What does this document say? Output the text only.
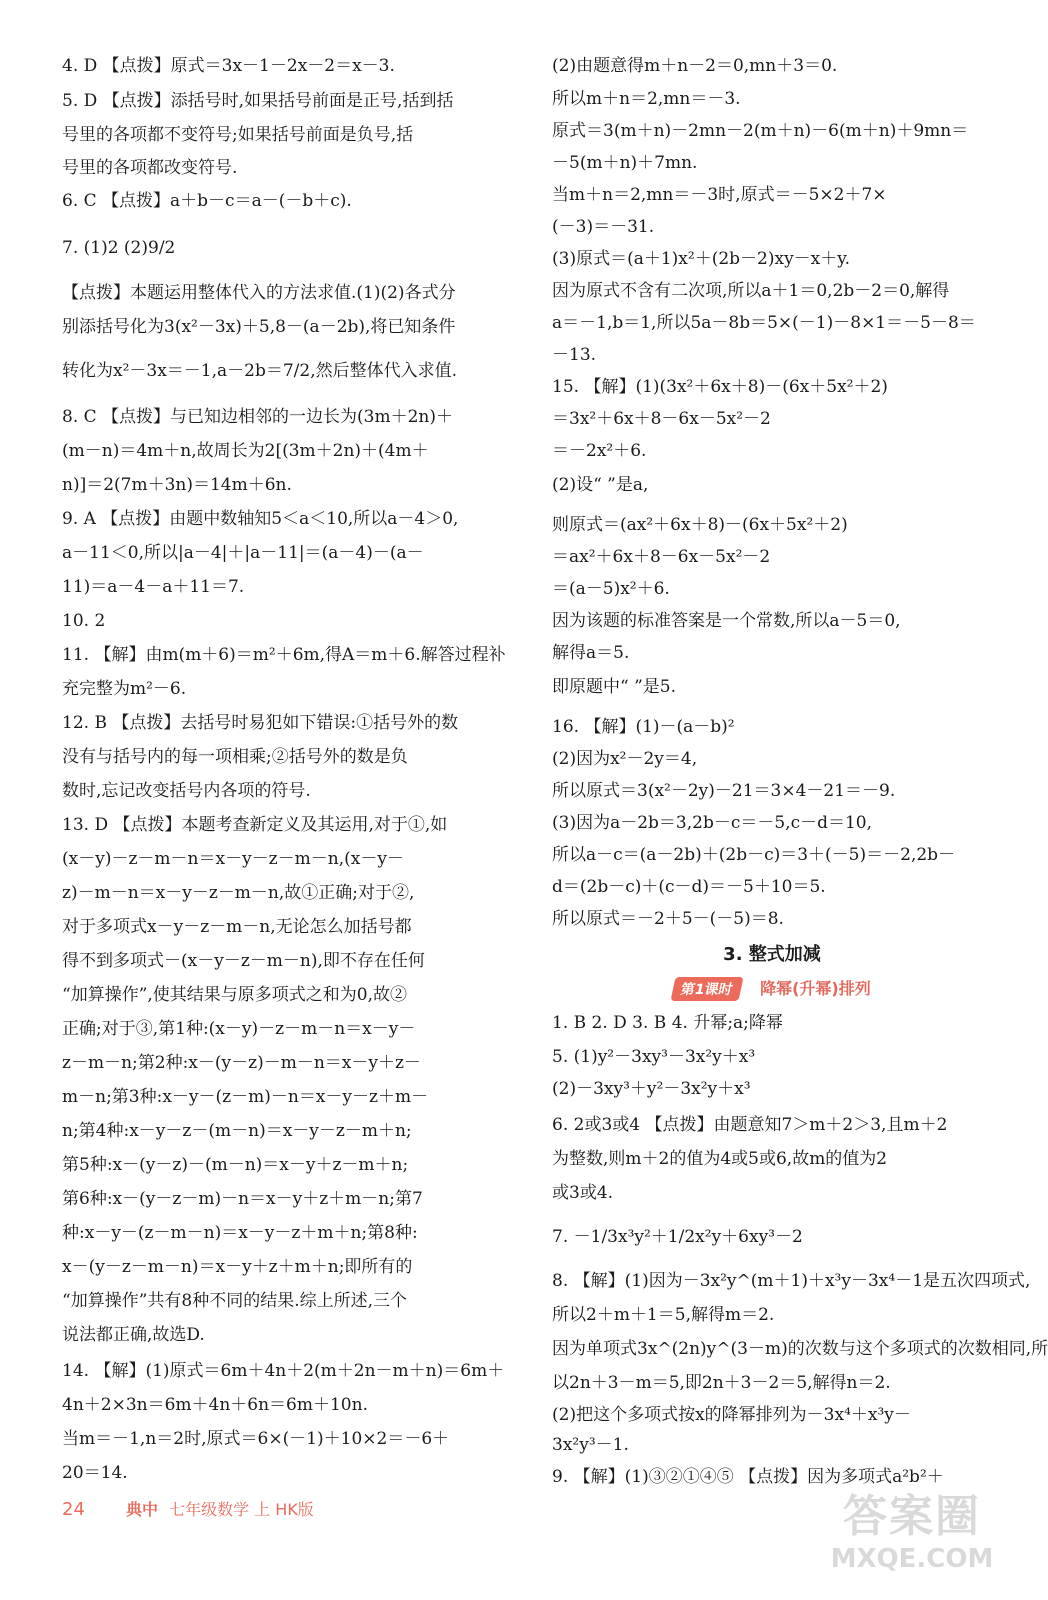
4. D 【点拨】原式＝3x－1－2x－2＝x－3.
5. D 【点拨】添括号时,如果括号前面是正号,括到括
号里的各项都不变符号;如果括号前面是负号,括
号里的各项都改变符号.
6. C 【点拨】a＋b－c＝a－(－b＋c).
7. (1)2 (2)9/2
【点拨】本题运用整体代入的方法求值.(1)(2)各式分
别添括号化为3(x²－3x)＋5,8－(a－2b),将已知条件
转化为x²－3x＝－1,a－2b＝7/2,然后整体代入求值.
8. C 【点拨】与已知边相邻的一边长为(3m＋2n)＋
(m－n)＝4m＋n,故周长为2[(3m＋2n)＋(4m＋
n)]＝2(7m＋3n)＝14m＋6n.
9. A 【点拨】由题中数轴知5＜a＜10,所以a－4＞0,
a－11＜0,所以|a－4|＋|a－11|＝(a－4)－(a－
11)＝a－4－a＋11＝7.
10. 2
11. 【解】由m(m＋6)＝m²＋6m,得A＝m＋6.解答过程补
充完整为m²－6.
12. B 【点拨】去括号时易犯如下错误:①括号外的数
没有与括号内的每一项相乘;②括号外的数是负
数时,忘记改变括号内各项的符号.
13. D 【点拨】本题考查新定义及其运用,对于①,如
(x－y)－z－m－n＝x－y－z－m－n,(x－y－
z)－m－n＝x－y－z－m－n,故①正确;对于②,
对于多项式x－y－z－m－n,无论怎么加括号都
得不到多项式－(x－y－z－m－n),即不存在任何
“加算操作”,使其结果与原多项式之和为0,故②
正确;对于③,第1种:(x－y)－z－m－n＝x－y－
z－m－n;第2种:x－(y－z)－m－n＝x－y＋z－
m－n;第3种:x－y－(z－m)－n＝x－y－z＋m－
n;第4种:x－y－z－(m－n)＝x－y－z－m＋n;
第5种:x－(y－z)－(m－n)＝x－y＋z－m＋n;
第6种:x－(y－z－m)－n＝x－y＋z＋m－n;第7
种:x－y－(z－m－n)＝x－y－z＋m＋n;第8种:
x－(y－z－m－n)＝x－y＋z＋m＋n;即所有的
“加算操作”共有8种不同的结果.综上所述,三个
说法都正确,故选D.
14. 【解】(1)原式＝6m＋4n＋2(m＋2n－m＋n)＝6m＋
4n＋2×3n＝6m＋4n＋6n＝6m＋10n.
当m＝－1,n＝2时,原式＝6×(－1)＋10×2＝－6＋
20＝14.
(2)由题意得m＋n－2＝0,mn＋3＝0.
所以m＋n＝2,mn＝－3.
原式＝3(m＋n)－2mn－2(m＋n)－6(m＋n)＋9mn＝
－5(m＋n)＋7mn.
当m＋n＝2,mn＝－3时,原式＝－5×2＋7×
(－3)＝－31.
(3)原式＝(a＋1)x²＋(2b－2)xy－x＋y.
因为原式不含有二次项,所以a＋1＝0,2b－2＝0,解得
a＝－1,b＝1,所以5a－8b＝5×(－1)－8×1＝－5－8＝
－13.
15. 【解】(1)(3x²＋6x＋8)－(6x＋5x²＋2)
＝3x²＋6x＋8－6x－5x²－2
＝－2x²＋6.
(2)设“ ”是a,
则原式＝(ax²＋6x＋8)－(6x＋5x²＋2)
＝ax²＋6x＋8－6x－5x²－2
＝(a－5)x²＋6.
因为该题的标准答案是一个常数,所以a－5＝0,
解得a＝5.
即原题中“ ”是5.
16. 【解】(1)－(a－b)²
(2)因为x²－2y＝4,
所以原式＝3(x²－2y)－21＝3×4－21＝－9.
(3)因为a－2b＝3,2b－c＝－5,c－d＝10,
所以a－c＝(a－2b)＋(2b－c)＝3＋(－5)＝－2,2b－
d＝(2b－c)＋(c－d)＝－5＋10＝5.
所以原式＝－2＋5－(－5)＝8.
3. 整式加减
第1课时 降幂(升幂)排列
1. B 2. D 3. B 4. 升幂;a;降幂
5. (1)y²－3xy³－3x²y＋x³
(2)－3xy³＋y²－3x²y＋x³
6. 2或3或4 【点拨】由题意知7＞m＋2＞3,且m＋2
为整数,则m＋2的值为4或5或6,故m的值为2
或3或4.
7. －1/3x³y²＋1/2x²y＋6xy³－2
8. 【解】(1)因为－3x²y^(m＋1)＋x³y－3x⁴－1是五次四项式,
所以2＋m＋1＝5,解得m＝2.
因为单项式3x^(2n)y^(3－m)的次数与这个多项式的次数相同,所
以2n＋3－m＝5,即2n＋3－2＝5,解得n＝2.
(2)把这个多项式按x的降幂排列为－3x⁴＋x³y－
3x²y³－1.
9. 【解】(1)③②①④⑤ 【点拨】因为多项式a²b²＋
24	典中 七年级数学 上 HK版	答案圈
MXQE.COM
